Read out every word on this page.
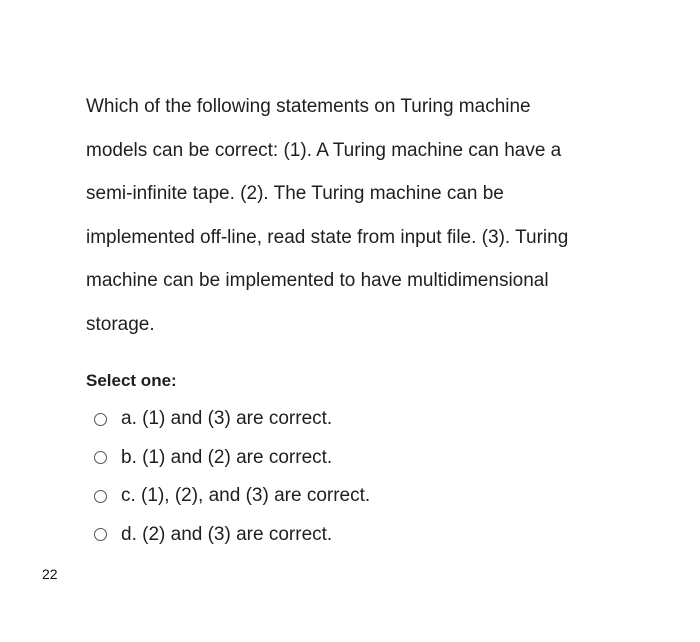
Which of the following statements on Turing machine
models can be correct: (1). A Turing machine can have a
semi-infinite tape. (2). The Turing machine can be
implemented off-line, read state from input file. (3). Turing
machine can be implemented to have multidimensional
storage.
Select one:
a. (1) and (3) are correct.
b. (1) and (2) are correct.
c. (1), (2), and (3) are correct.
d. (2) and (3) are correct.
22
